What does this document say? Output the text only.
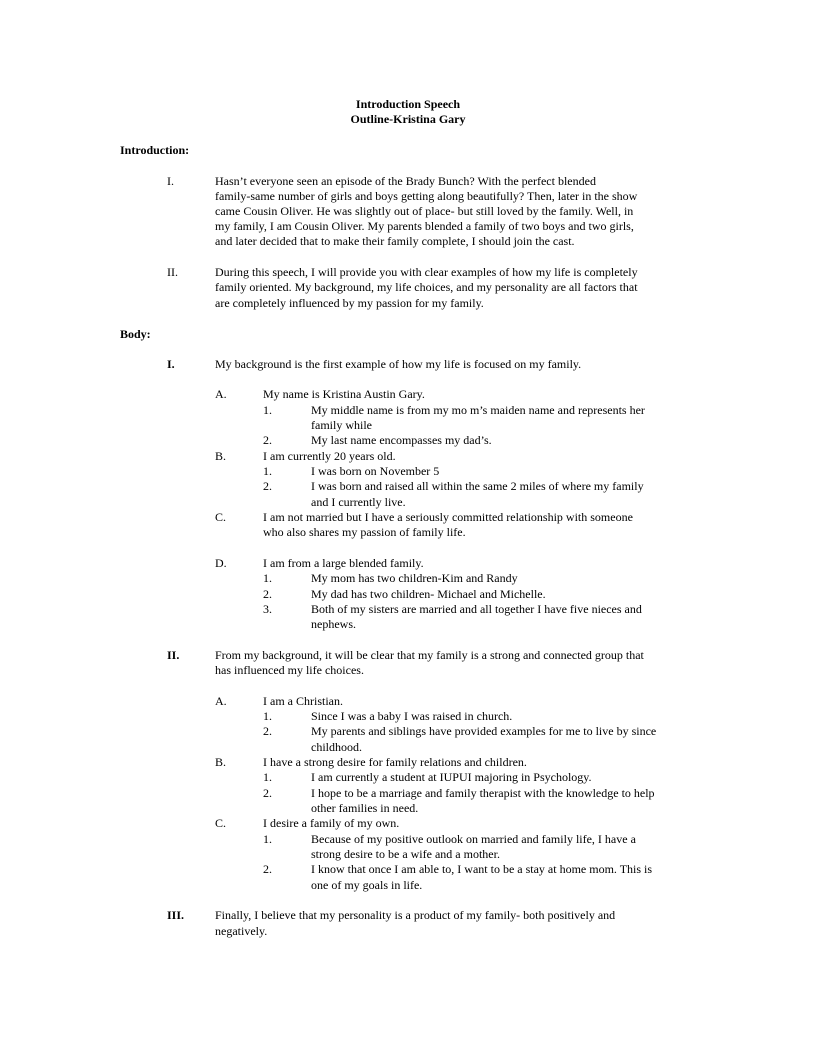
Introduction Speech
Outline-Kristina Gary
Introduction:
I.	Hasn’t everyone seen an episode of the Brady Bunch? With the perfect blended
family-same number of girls and boys getting along beautifully? Then, later in the show
came Cousin Oliver. He was slightly out of place- but still loved by the family. Well, in
my family, I am Cousin Oliver. My parents blended a family of two boys and two girls,
and later decided that to make their family complete, I should join the cast.
II.	During this speech, I will provide you with clear examples of how my life is completely
family oriented. My background, my life choices, and my personality are all factors that
are completely influenced by my passion for my family.
Body:
I.	My background is the first example of how my life is focused on my family.
A.	My name is Kristina Austin Gary.
1.	My middle name is from my mo m’s maiden name and represents her
family while
2.	My last name encompasses my dad’s.
B.	I am currently 20 years old.
1.	I was born on November 5
2.	I was born and raised all within the same 2 miles of where my family
and I currently live.
C.	I am not married but I have a seriously committed relationship with someone
who also shares my passion of family life.
D.	I am from a large blended family.
1.	My mom has two children-Kim and Randy
2.	My dad has two children- Michael and Michelle.
3.	Both of my sisters are married and all together I have five nieces and
nephews.
II.	From my background, it will be clear that my family is a strong and connected group that
has influenced my life choices.
A.	I am a Christian.
1.	Since I was a baby I was raised in church.
2.	My parents and siblings have provided examples for me to live by since
childhood.
B.	I have a strong desire for family relations and children.
1.	I am currently a student at IUPUI majoring in Psychology.
2.	I hope to be a marriage and family therapist with the knowledge to help
other families in need.
C.	I desire a family of my own.
1.	Because of my positive outlook on married and family life, I have a
strong desire to be a wife and a mother.
2.	I know that once I am able to, I want to be a stay at home mom. This is
one of my goals in life.
III.	Finally, I believe that my personality is a product of my family- both positively and
negatively.
